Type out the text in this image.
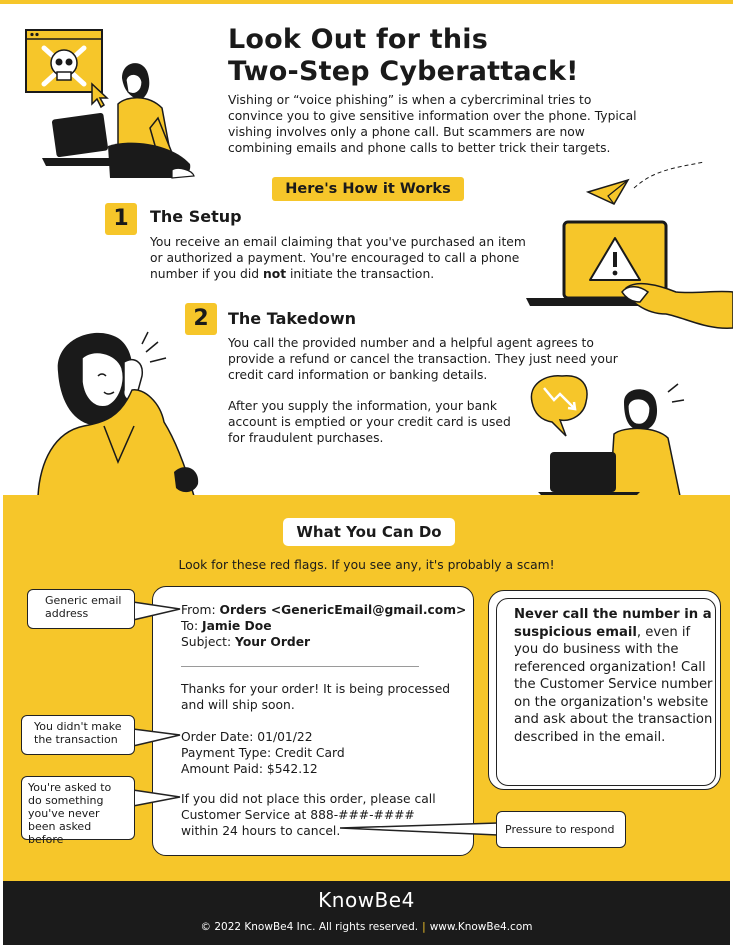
Look Out for this
Two-Step Cyberattack!

Vishing or “voice phishing” is when a cybercriminal tries to convince you to give sensitive information over the phone. Typical vishing involves only a phone call. But scammers are now combining emails and phone calls to better trick their targets.

Here's How it Works
1	The Setup

You receive an email claiming that you've purchased an item or authorized a payment. You're encouraged to call a phone number if you did not initiate the transaction.

2	The Takedown

You call the provided number and a helpful agent agrees to provide a refund or cancel the transaction. They just need your credit card information or banking details.

After you supply the information, your bank account is emptied or your credit card is used for fraudulent purchases.

What You Can Do
Look for these red flags. If you see any, it's probably a scam!
From: Orders <GenericEmail@gmail.com>
To: Jamie Doe
Subject: Your Order
Thanks for your order! It is being processed and will ship soon.
Order Date: 01/01/22
Payment Type: Credit Card
Amount Paid: $542.12
If you did not place this order, please call Customer Service at 888-###-#### within 24 hours to cancel.
Generic email address
You didn't make the transaction
You're asked to do something you've never been asked before
Pressure to respond

Never call the number in a suspicious email, even if you do business with the referenced organization! Call the Customer Service number on the organization's website and ask about the transaction described in the email.

KnowBe4
© 2022 KnowBe4 Inc. All rights reserved. | www.KnowBe4.com
